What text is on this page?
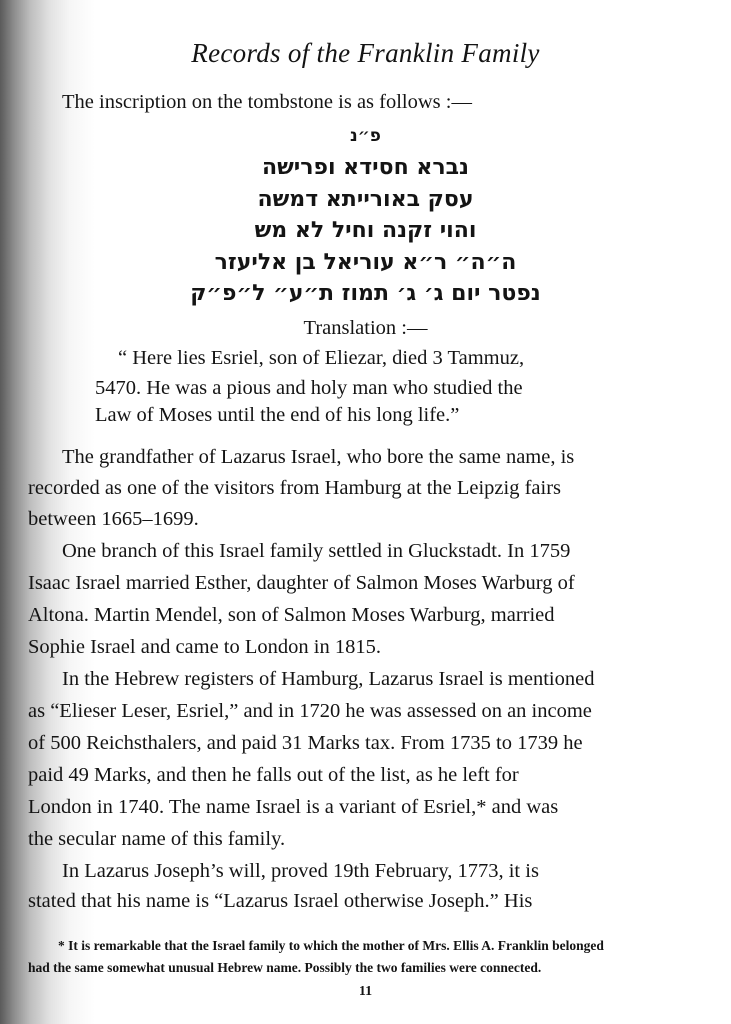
Records of the Franklin Family
The inscription on the tombstone is as follows :—
פ״נ
נברא חסידא ופרישה
עסק באורייתא דמשה
והוי זקנה וחיל לא מש
ה״ה״ ר״א עוריאל בן אליעזר
נפטר יום ג׳ ג׳ תמוז ת״ע״ ל״פ״ק
Translation :—
“ Here lies Esriel, son of Eliezar, died 3 Tammuz,
5470. He was a pious and holy man who studied the
Law of Moses until the end of his long life.”
The grandfather of Lazarus Israel, who bore the same name, is
recorded as one of the visitors from Hamburg at the Leipzig fairs
between 1665–1699.
One branch of this Israel family settled in Gluckstadt. In 1759
Isaac Israel married Esther, daughter of Salmon Moses Warburg of
Altona. Martin Mendel, son of Salmon Moses Warburg, married
Sophie Israel and came to London in 1815.
In the Hebrew registers of Hamburg, Lazarus Israel is mentioned
as “Elieser Leser, Esriel,” and in 1720 he was assessed on an income
of 500 Reichsthalers, and paid 31 Marks tax. From 1735 to 1739 he
paid 49 Marks, and then he falls out of the list, as he left for
London in 1740. The name Israel is a variant of Esriel,* and was
the secular name of this family.
In Lazarus Joseph’s will, proved 19th February, 1773, it is
stated that his name is “Lazarus Israel otherwise Joseph.” His
* It is remarkable that the Israel family to which the mother of Mrs. Ellis A. Franklin belonged
had the same somewhat unusual Hebrew name. Possibly the two families were connected.
11
